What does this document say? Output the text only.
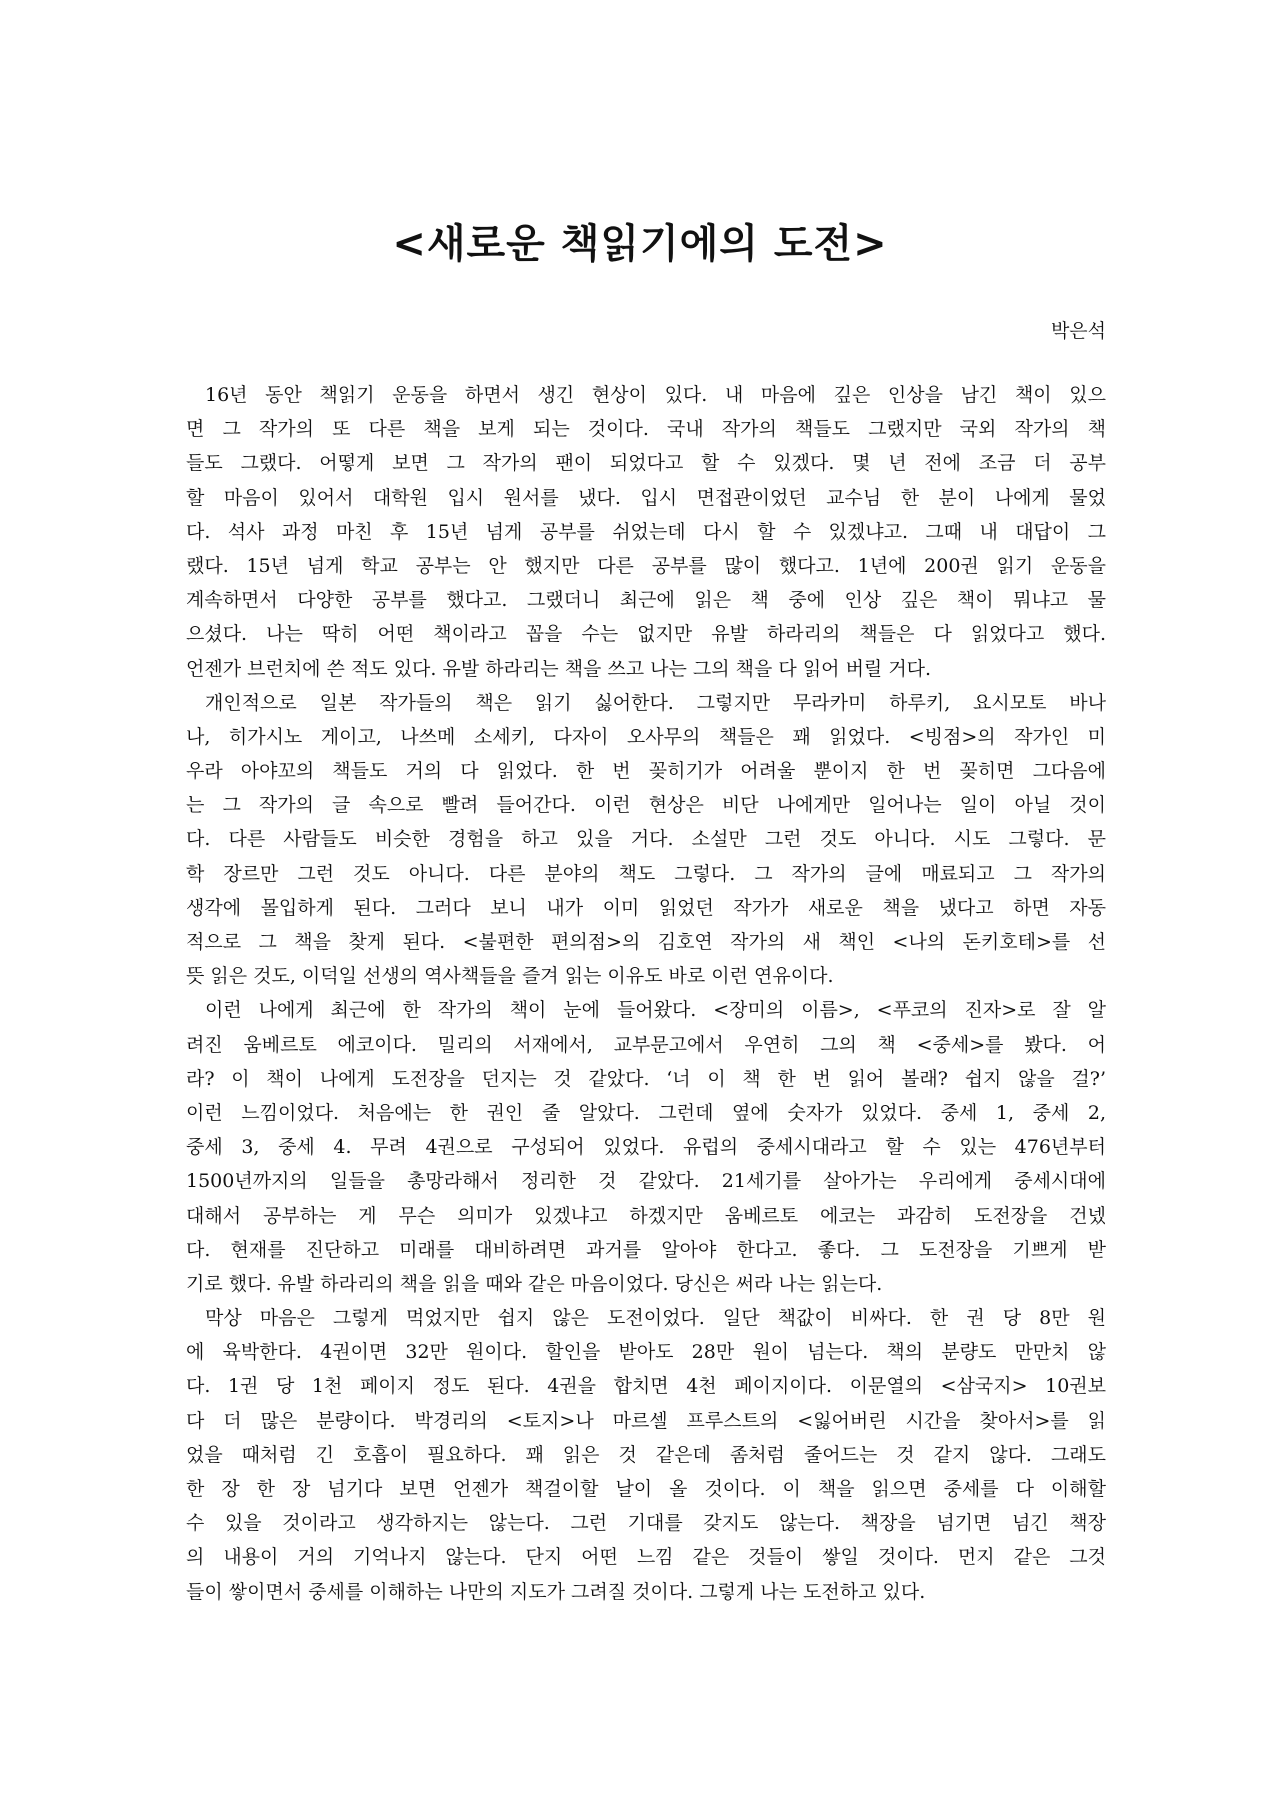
<새로운 책읽기에의 도전>
박은석
16년 동안 책읽기 운동을 하면서 생긴 현상이 있다. 내 마음에 깊은 인상을 남긴 책이 있으
면 그 작가의 또 다른 책을 보게 되는 것이다. 국내 작가의 책들도 그랬지만 국외 작가의 책
들도 그랬다. 어떻게 보면 그 작가의 팬이 되었다고 할 수 있겠다. 몇 년 전에 조금 더 공부
할 마음이 있어서 대학원 입시 원서를 냈다. 입시 면접관이었던 교수님 한 분이 나에게 물었
다. 석사 과정 마친 후 15년 넘게 공부를 쉬었는데 다시 할 수 있겠냐고. 그때 내 대답이 그
랬다. 15년 넘게 학교 공부는 안 했지만 다른 공부를 많이 했다고. 1년에 200권 읽기 운동을
계속하면서 다양한 공부를 했다고. 그랬더니 최근에 읽은 책 중에 인상 깊은 책이 뭐냐고 물
으셨다. 나는 딱히 어떤 책이라고 꼽을 수는 없지만 유발 하라리의 책들은 다 읽었다고 했다.
언젠가 브런치에 쓴 적도 있다. 유발 하라리는 책을 쓰고 나는 그의 책을 다 읽어 버릴 거다.
개인적으로 일본 작가들의 책은 읽기 싫어한다. 그렇지만 무라카미 하루키, 요시모토 바나
나, 히가시노 게이고, 나쓰메 소세키, 다자이 오사무의 책들은 꽤 읽었다. <빙점>의 작가인 미
우라 아야꼬의 책들도 거의 다 읽었다. 한 번 꽂히기가 어려울 뿐이지 한 번 꽂히면 그다음에
는 그 작가의 글 속으로 빨려 들어간다. 이런 현상은 비단 나에게만 일어나는 일이 아닐 것이
다. 다른 사람들도 비슷한 경험을 하고 있을 거다. 소설만 그런 것도 아니다. 시도 그렇다. 문
학 장르만 그런 것도 아니다. 다른 분야의 책도 그렇다. 그 작가의 글에 매료되고 그 작가의
생각에 몰입하게 된다. 그러다 보니 내가 이미 읽었던 작가가 새로운 책을 냈다고 하면 자동
적으로 그 책을 찾게 된다. <불편한 편의점>의 김호연 작가의 새 책인 <나의 돈키호테>를 선
뜻 읽은 것도, 이덕일 선생의 역사책들을 즐겨 읽는 이유도 바로 이런 연유이다.
이런 나에게 최근에 한 작가의 책이 눈에 들어왔다. <장미의 이름>, <푸코의 진자>로 잘 알
려진 움베르토 에코이다. 밀리의 서재에서, 교부문고에서 우연히 그의 책 <중세>를 봤다. 어
라? 이 책이 나에게 도전장을 던지는 것 같았다. ‘너 이 책 한 번 읽어 볼래? 쉽지 않을 걸?’
이런 느낌이었다. 처음에는 한 권인 줄 알았다. 그런데 옆에 숫자가 있었다. 중세 1, 중세 2,
중세 3, 중세 4. 무려 4권으로 구성되어 있었다. 유럽의 중세시대라고 할 수 있는 476년부터
1500년까지의 일들을 총망라해서 정리한 것 같았다. 21세기를 살아가는 우리에게 중세시대에
대해서 공부하는 게 무슨 의미가 있겠냐고 하겠지만 움베르토 에코는 과감히 도전장을 건넸
다. 현재를 진단하고 미래를 대비하려면 과거를 알아야 한다고. 좋다. 그 도전장을 기쁘게 받
기로 했다. 유발 하라리의 책을 읽을 때와 같은 마음이었다. 당신은 써라 나는 읽는다.
막상 마음은 그렇게 먹었지만 쉽지 않은 도전이었다. 일단 책값이 비싸다. 한 권 당 8만 원
에 육박한다. 4권이면 32만 원이다. 할인을 받아도 28만 원이 넘는다. 책의 분량도 만만치 않
다. 1권 당 1천 페이지 정도 된다. 4권을 합치면 4천 페이지이다. 이문열의 <삼국지> 10권보
다 더 많은 분량이다. 박경리의 <토지>나 마르셀 프루스트의 <잃어버린 시간을 찾아서>를 읽
었을 때처럼 긴 호흡이 필요하다. 꽤 읽은 것 같은데 좀처럼 줄어드는 것 같지 않다. 그래도
한 장 한 장 넘기다 보면 언젠가 책걸이할 날이 올 것이다. 이 책을 읽으면 중세를 다 이해할
수 있을 것이라고 생각하지는 않는다. 그런 기대를 갖지도 않는다. 책장을 넘기면 넘긴 책장
의 내용이 거의 기억나지 않는다. 단지 어떤 느낌 같은 것들이 쌓일 것이다. 먼지 같은 그것
들이 쌓이면서 중세를 이해하는 나만의 지도가 그려질 것이다. 그렇게 나는 도전하고 있다.
